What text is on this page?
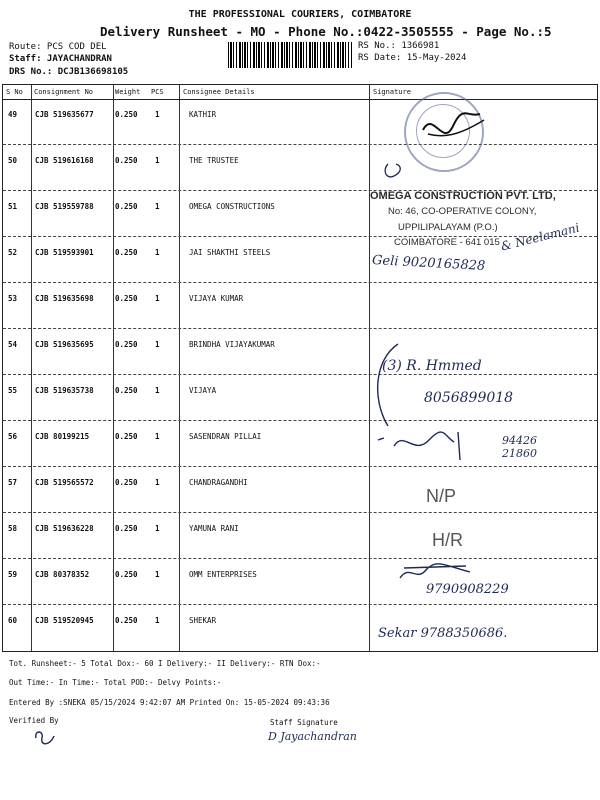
THE PROFESSIONAL COURIERS, COIMBATORE
Delivery Runsheet - MO - Phone No.:0422-3505555 - Page No.:5
Route: PCS COD DEL
Staff: JAYACHANDRAN
DRS No.: DCJB136698105
RS No.: 1366981
RS Date: 15-May-2024
S No Consignment No	Weight PCS	Consignee Details	Signature
49 CJB 519635677	0.250 1	KATHIR
50 CJB 519616168	0.250 1	THE TRUSTEE
51 CJB 519559788	0.250 1	OMEGA CONSTRUCTIONS
52 CJB 519593901	0.250 1	JAI SHAKTHI STEELS
53 CJB 519635698	0.250 1	VIJAYA KUMAR
54 CJB 519635695	0.250 1	BRINDHA VIJAYAKUMAR
55 CJB 519635738	0.250 1	VIJAYA
56 CJB 80199215	0.250 1	SASENDRAN PILLAI
57 CJB 519565572	0.250 1	CHANDRAGANDHI
58 CJB 519636228	0.250 1	YAMUNA RANI
59 CJB 80378352	0.250 1	OMM ENTERPRISES
60 CJB 519520945	0.250 1	SHEKAR
OMEGA CONSTRUCTION PVT. LTD,
No: 46, CO-OPERATIVE COLONY,
UPPILIPALAYAM (P.O.)
COIMBATORE - 641 015 & Neelamani
Geli 9020165828
(3) R. Hmmed
8056899018
94426 21860
N/P
H/R
9790908229
Sekar 9788350686.
Tot. Runsheet:- 5 Total Dox:- 60 I Delivery:- II Delivery:- RTN Dox:-
Out Time:- In Time:- Total POD:- Delvy Points:-
Entered By :SNEKA 05/15/2024 9:42:07 AM Printed On: 15-05-2024 09:43:36
Verified By	Staff Signature
D Jayachandran
